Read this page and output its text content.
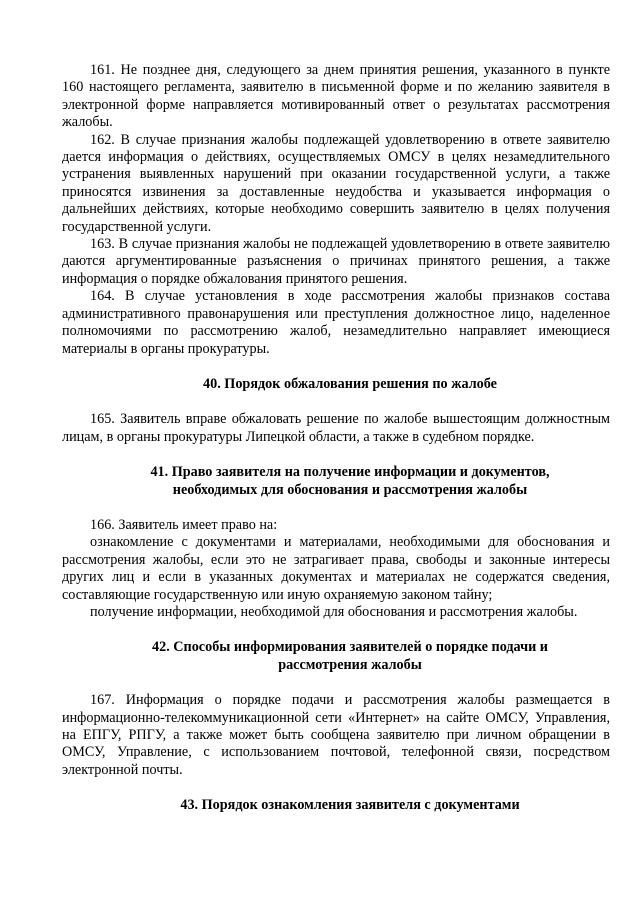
161. Не позднее дня, следующего за днем принятия решения, указанного в пункте 160 настоящего регламента, заявителю в письменной форме и по желанию заявителя в электронной форме направляется мотивированный ответ о результатах рассмотрения жалобы.

162. В случае признания жалобы подлежащей удовлетворению в ответе заявителю дается информация о действиях, осуществляемых ОМСУ в целях незамедлительного устранения выявленных нарушений при оказании государственной услуги, а также приносятся извинения за доставленные неудобства и указывается информация о дальнейших действиях, которые необходимо совершить заявителю в целях получения государственной услуги.

163. В случае признания жалобы не подлежащей удовлетворению в ответе заявителю даются аргументированные разъяснения о причинах принятого решения, а также информация о порядке обжалования принятого решения.

164. В случае установления в ходе рассмотрения жалобы признаков состава административного правонарушения или преступления должностное лицо, наделенное полномочиями по рассмотрению жалоб, незамедлительно направляет имеющиеся материалы в органы прокуратуры.

40. Порядок обжалования решения по жалобе

165. Заявитель вправе обжаловать решение по жалобе вышестоящим должностным лицам, в органы прокуратуры Липецкой области, а также в судебном порядке.

41. Право заявителя на получение информации и документов,
необходимых для обоснования и рассмотрения жалобы

166. Заявитель имеет право на:

ознакомление с документами и материалами, необходимыми для обоснования и рассмотрения жалобы, если это не затрагивает права, свободы и законные интересы других лиц и если в указанных документах и материалах не содержатся сведения, составляющие государственную или иную охраняемую законом тайну;

получение информации, необходимой для обоснования и рассмотрения жалобы.

42. Способы информирования заявителей о порядке подачи и
рассмотрения жалобы

167. Информация о порядке подачи и рассмотрения жалобы размещается в информационно-телекоммуникационной сети «Интернет» на сайте ОМСУ, Управления, на ЕПГУ, РПГУ, а также может быть сообщена заявителю при личном обращении в ОМСУ, Управление, с использованием почтовой, телефонной связи, посредством электронной почты.

43. Порядок ознакомления заявителя с документами
